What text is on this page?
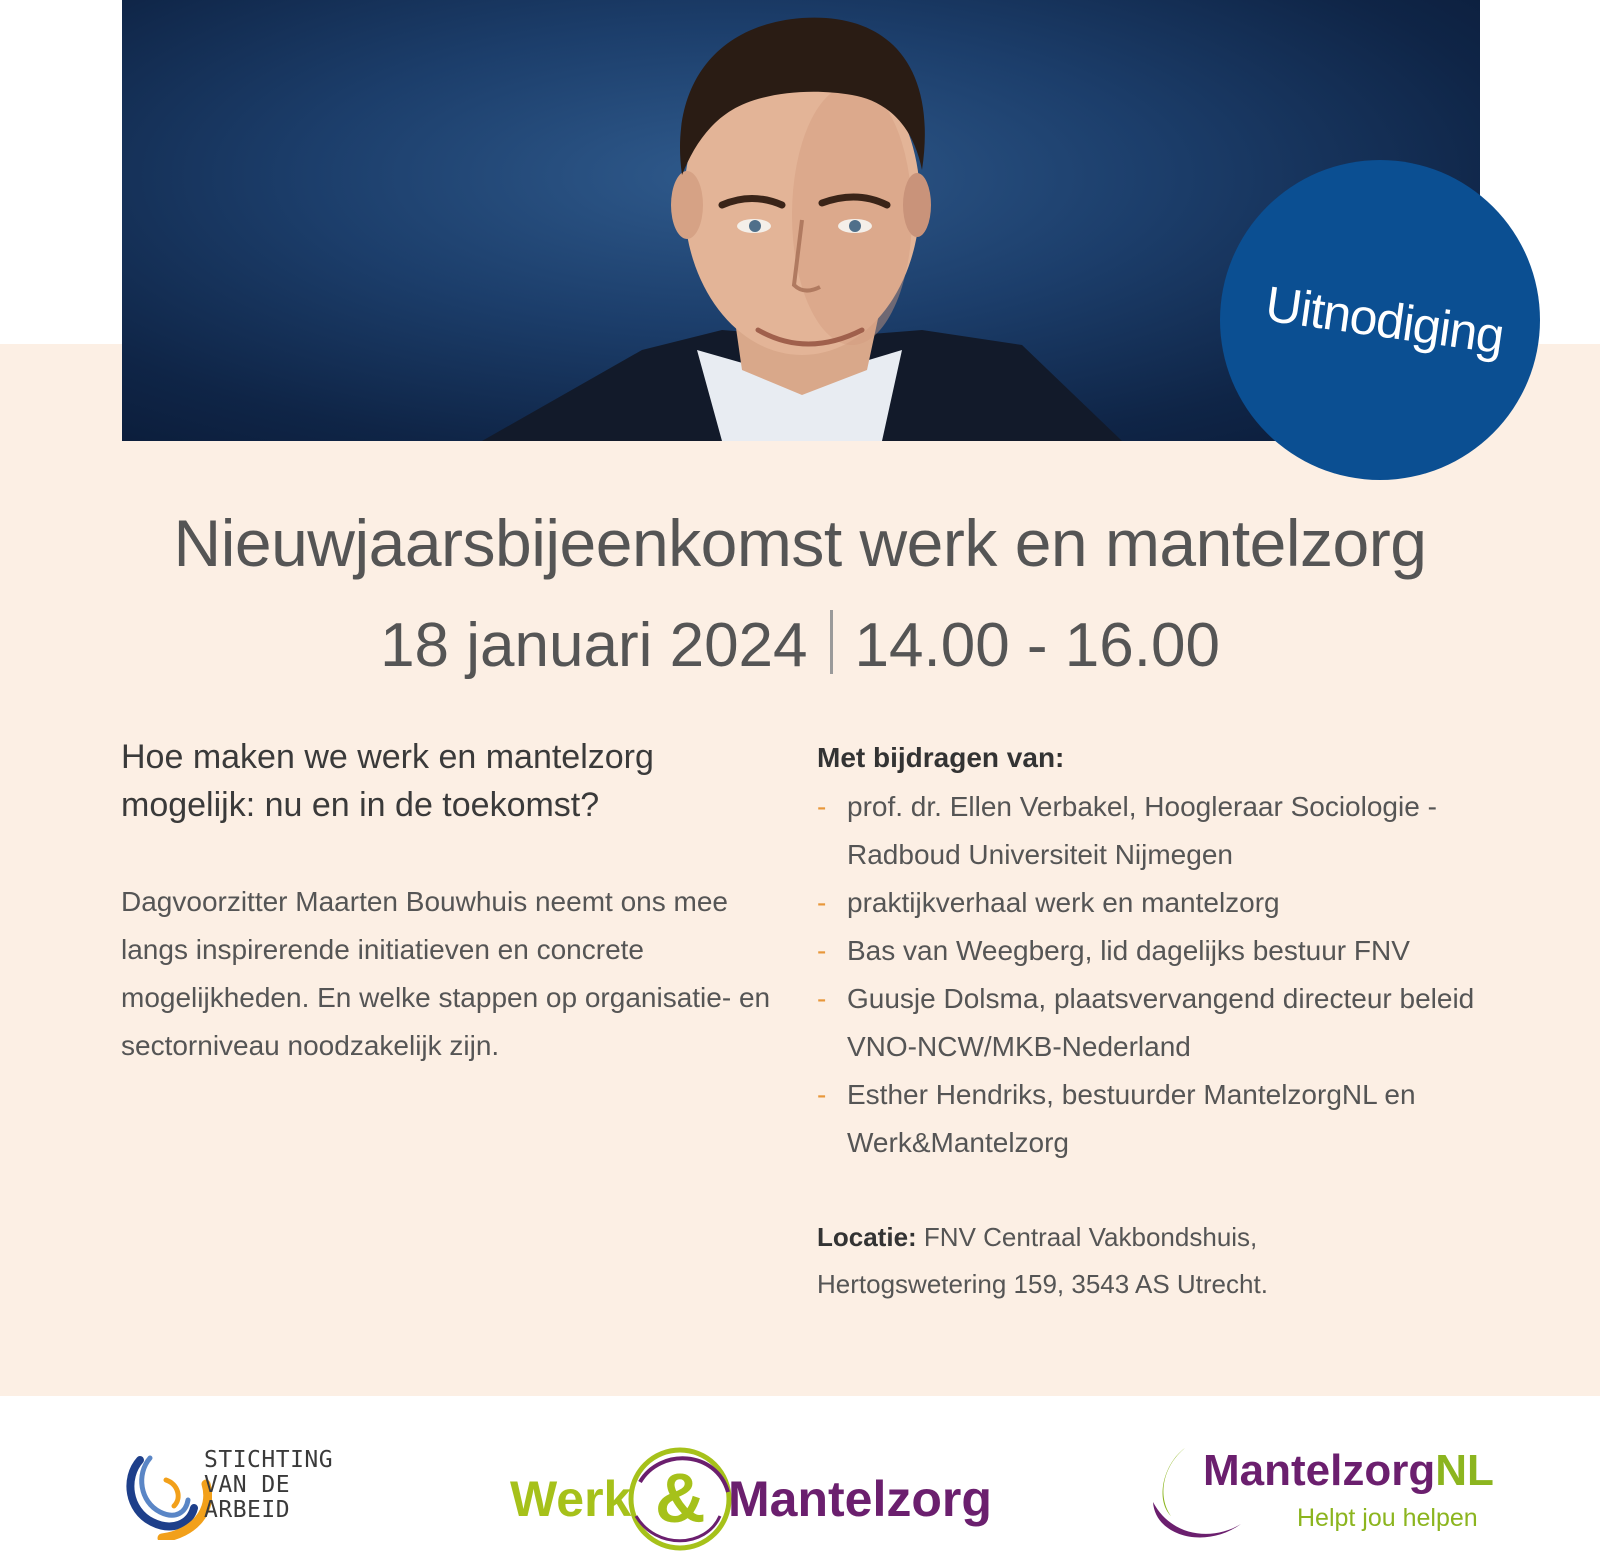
Uitnodiging
Nieuwjaarsbijeenkomst werk en mantelzorg

18 januari 2024 14.00 - 16.00

Hoe maken we werk en mantelzorg mogelijk: nu en in de toekomst?

Dagvoorzitter Maarten Bouwhuis neemt ons mee langs inspirerende initiatieven en concrete mogelijkheden. En welke stappen op organisatie- en sectorniveau noodzakelijk zijn.

Met bijdragen van:
- prof. dr. Ellen Verbakel, Hoogleraar Sociologie - Radboud Universiteit Nijmegen
- praktijkverhaal werk en mantelzorg
- Bas van Weegberg, lid dagelijks bestuur FNV
- Guusje Dolsma, plaatsvervangend directeur beleid VNO-NCW/MKB-Nederland
- Esther Hendriks, bestuurder MantelzorgNL en Werk&Mantelzorg

Locatie: FNV Centraal Vakbondshuis,
Hertogswetering 159, 3543 AS Utrecht.

STICHTING
VAN DE ARBEID	Werk & Mantelzorg
MantelzorgNL
Helpt jou helpen
